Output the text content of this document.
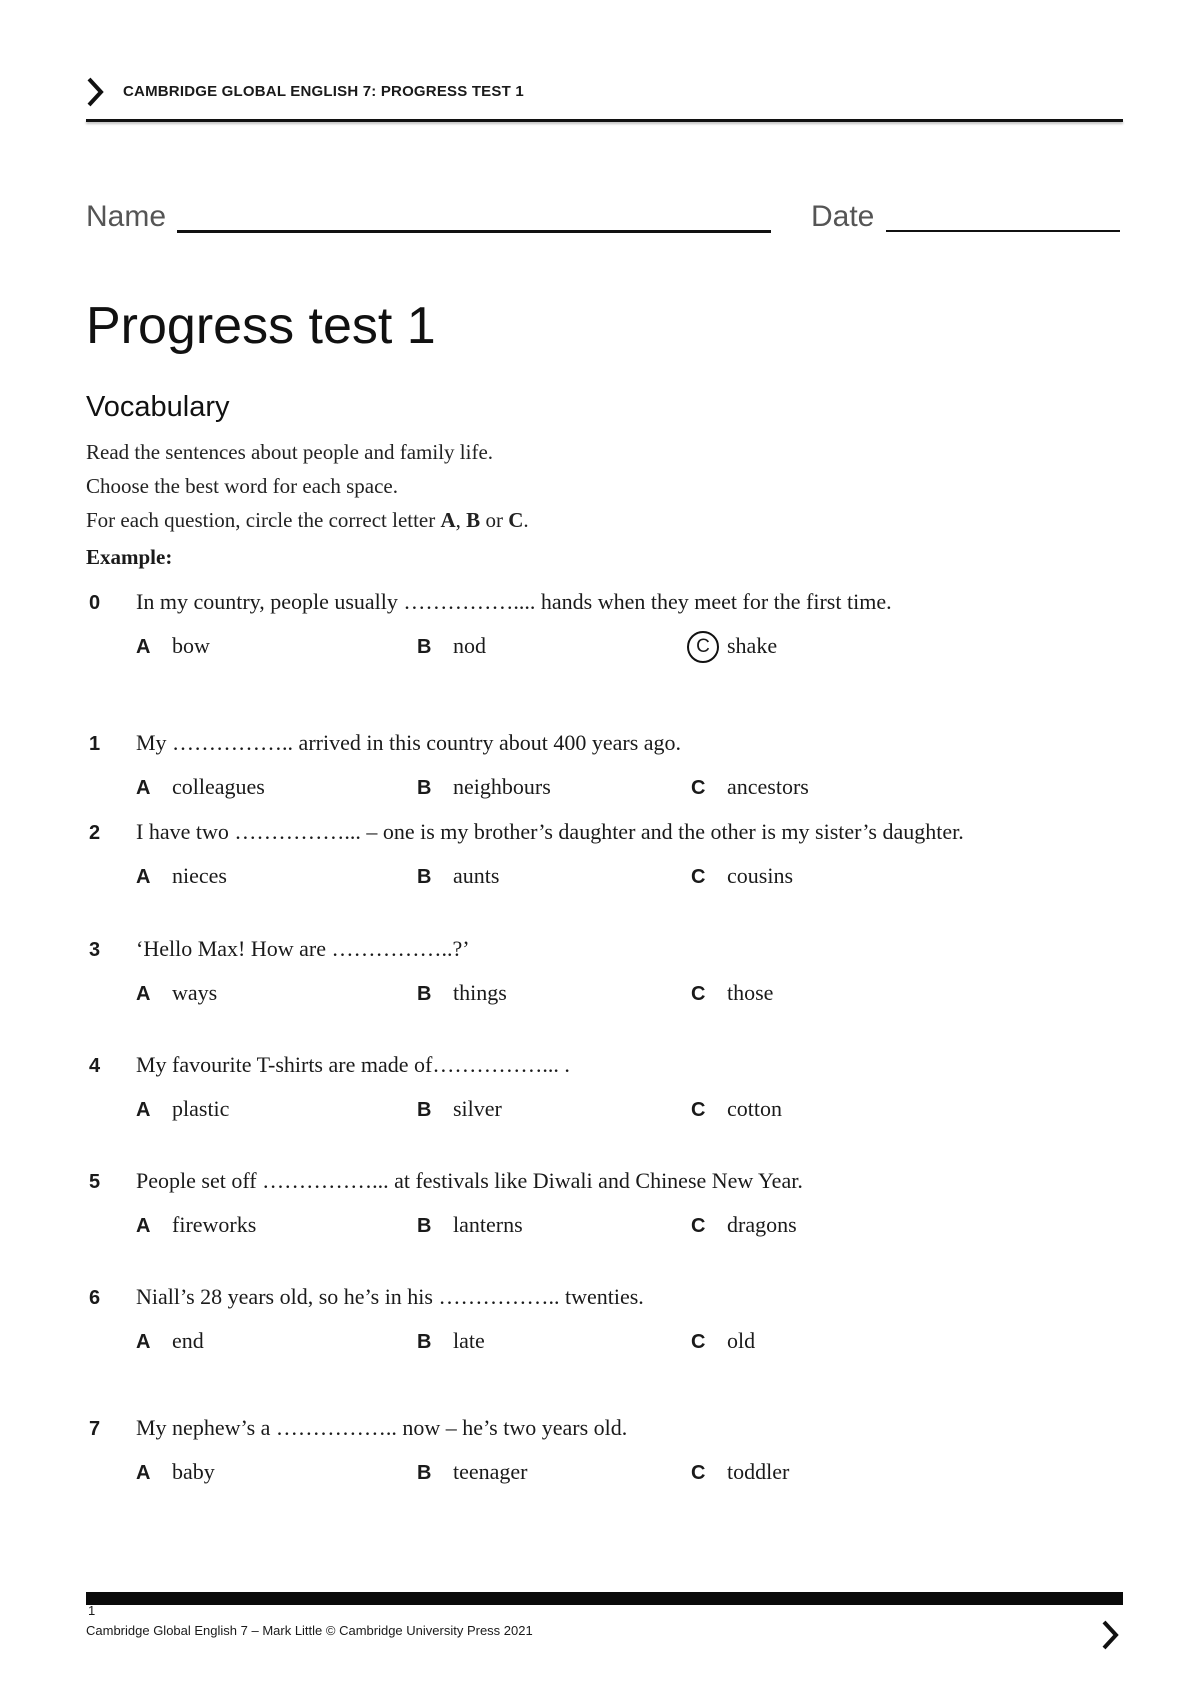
CAMBRIDGE GLOBAL ENGLISH 7: PROGRESS TEST 1
Name	Date
Progress test 1
Vocabulary
Read the sentences about people and family life.
Choose the best word for each space.
For each question, circle the correct letter A, B or C.
Example:
0 In my country, people usually …………….... hands when they meet for the first time.
A bow	B nod	C shake
1 My …………….. arrived in this country about 400 years ago.
A colleagues	B neighbours	C ancestors
2 I have two ……………... – one is my brother’s daughter and the other is my sister’s daughter.
A nieces	B aunts	C cousins
3 ‘Hello Max! How are ……………..?’
A ways	B things	C those
4 My favourite T-shirts are made of……………... .
A plastic	B silver	C cotton
5 People set off ……………... at festivals like Diwali and Chinese New Year.
A fireworks	B lanterns	C dragons
6 Niall’s 28 years old, so he’s in his …………….. twenties.
A end	B late	C old
7 My nephew’s a …………….. now – he’s two years old.
A baby	B teenager	C toddler
1
Cambridge Global English 7 – Mark Little © Cambridge University Press 2021
